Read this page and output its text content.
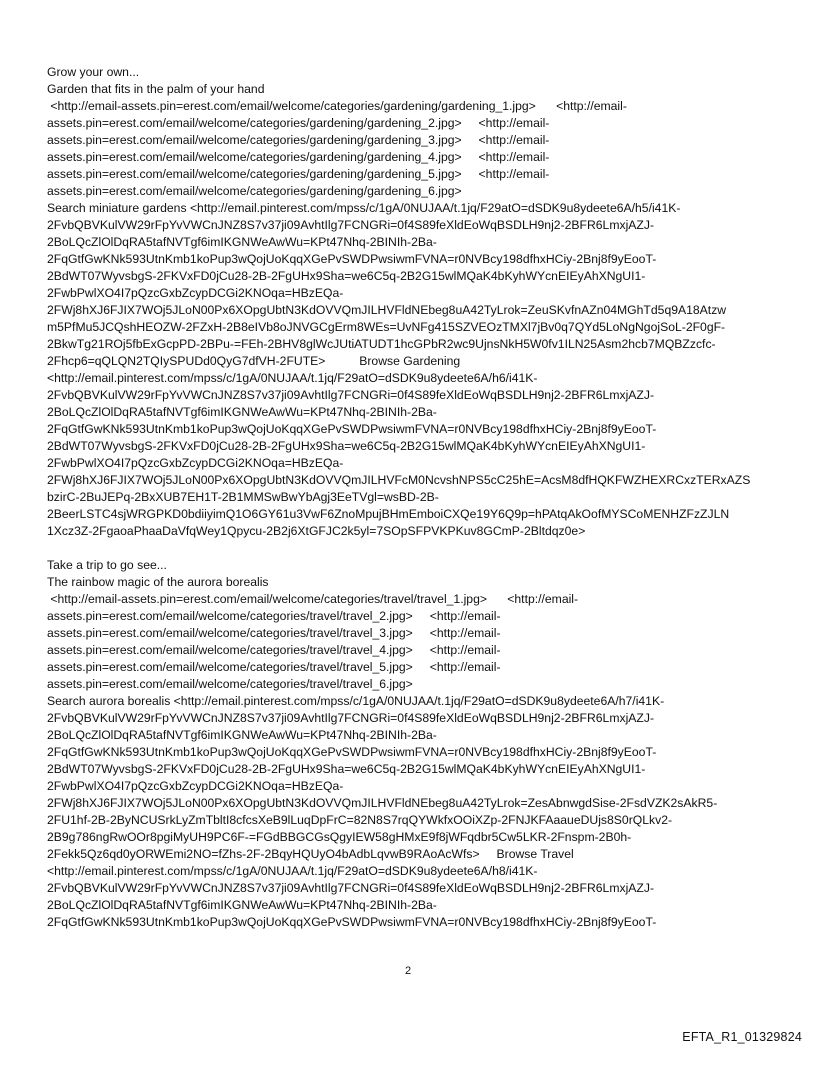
Grow your own...
Garden that fits in the palm of your hand
<http://email-assets.pin=erest.com/email/welcome/categories/gardening/gardening_1.jpg>      <http://email-
assets.pin=erest.com/email/welcome/categories/gardening/gardening_2.jpg>     <http://email-
assets.pin=erest.com/email/welcome/categories/gardening/gardening_3.jpg>     <http://email-
assets.pin=erest.com/email/welcome/categories/gardening/gardening_4.jpg>     <http://email-
assets.pin=erest.com/email/welcome/categories/gardening/gardening_5.jpg>     <http://email-
assets.pin=erest.com/email/welcome/categories/gardening/gardening_6.jpg>
Search miniature gardens <http://email.pinterest.com/mpss/c/1gA/0NUJAA/t.1jq/F29atO=dSDK9u8ydeete6A/h5/i41K-
2FvbQBVKulVW29rFpYvVWCnJNZ8S7v37ji09AvhtIlg7FCNGRi=0f4S89feXldEoWqBSDLH9nj2-2BFR6LmxjAZJ-
2BoLQcZlOlDqRA5tafNVTgf6imIKGNWeAwWu=KPt47Nhq-2BINIh-2Ba-
2FqGtfGwKNk593UtnKmb1koPup3wQojUoKqqXGePvSWDPwsiwmFVNA=r0NVBcy198dfhxHCiy-2Bnj8f9yEooT-
2BdWT07WyvsbgS-2FKVxFD0jCu28-2B-2FgUHx9Sha=we6C5q-2B2G15wlMQaK4bKyhWYcnEIEyAhXNgUI1-
2FwbPwlXO4I7pQzcGxbZcypDCGi2KNOqa=HBzEQa-
2FWj8hXJ6FJIX7WOj5JLoN00Px6XOpgUbtN3KdOVVQmJILHVFldNEbeg8uA42TyLrok=ZeuSKvfnAZn04MGhTd5q9A18Atzw
m5PfMu5JCQshHEOZW-2FZxH-2B8eIVb8oJNVGCgErm8WEs=UvNFg415SZVEOzTMXl7jBv0q7QYd5LoNgNgojSoL-2F0gF-
2BkwTg21ROj5fbExGcpPD-2BPu-=FEh-2BHV8glWcJUtiATUDT1hcGPbR2wc9UjnsNkH5W0fv1ILN25Asm2hcb7MQBZzcfc-
2Fhcp6=qQLQN2TQIySPUDd0QyG7dfVH-2FUTE>          Browse Gardening
<http://email.pinterest.com/mpss/c/1gA/0NUJAA/t.1jq/F29atO=dSDK9u8ydeete6A/h6/i41K-
2FvbQBVKulVW29rFpYvVWCnJNZ8S7v37ji09AvhtIlg7FCNGRi=0f4S89feXldEoWqBSDLH9nj2-2BFR6LmxjAZJ-
2BoLQcZlOlDqRA5tafNVTgf6imIKGNWeAwWu=KPt47Nhq-2BINIh-2Ba-
2FqGtfGwKNk593UtnKmb1koPup3wQojUoKqqXGePvSWDPwsiwmFVNA=r0NVBcy198dfhxHCiy-2Bnj8f9yEooT-
2BdWT07WyvsbgS-2FKVxFD0jCu28-2B-2FgUHx9Sha=we6C5q-2B2G15wlMQaK4bKyhWYcnEIEyAhXNgUI1-
2FwbPwlXO4I7pQzcGxbZcypDCGi2KNOqa=HBzEQa-
2FWj8hXJ6FJIX7WOj5JLoN00Px6XOpgUbtN3KdOVVQmJILHVFcM0NcvshNPS5cC25hE=AcsM8dfHQKFWZHEXRCxzTERxAZS
bzirC-2BuJEPq-2BxXUB7EH1T-2B1MMSwBwYbAgj3EeTVgl=wsBD-2B-
2BeerLSTC4sjWRGPKD0bdiiyimQ1O6GY61u3VwF6ZnoMpujBHmEmboiCXQe19Y6Q9p=hPAtqAkOofMYSCoMENHZFzZJLN
1Xcz3Z-2FgaoaPhaaDaVfqWey1Qpycu-2B2j6XtGFJC2k5yl=7SOpSFPVKPKuv8GCmP-2Bltdqz0e>
Take a trip to go see...
The rainbow magic of the aurora borealis
<http://email-assets.pin=erest.com/email/welcome/categories/travel/travel_1.jpg>      <http://email-
assets.pin=erest.com/email/welcome/categories/travel/travel_2.jpg>     <http://email-
assets.pin=erest.com/email/welcome/categories/travel/travel_3.jpg>     <http://email-
assets.pin=erest.com/email/welcome/categories/travel/travel_4.jpg>     <http://email-
assets.pin=erest.com/email/welcome/categories/travel/travel_5.jpg>     <http://email-
assets.pin=erest.com/email/welcome/categories/travel/travel_6.jpg>
Search aurora borealis <http://email.pinterest.com/mpss/c/1gA/0NUJAA/t.1jq/F29atO=dSDK9u8ydeete6A/h7/i41K-
2FvbQBVKulVW29rFpYvVWCnJNZ8S7v37ji09AvhtIlg7FCNGRi=0f4S89feXldEoWqBSDLH9nj2-2BFR6LmxjAZJ-
2BoLQcZlOlDqRA5tafNVTgf6imIKGNWeAwWu=KPt47Nhq-2BINIh-2Ba-
2FqGtfGwKNk593UtnKmb1koPup3wQojUoKqqXGePvSWDPwsiwmFVNA=r0NVBcy198dfhxHCiy-2Bnj8f9yEooT-
2BdWT07WyvsbgS-2FKVxFD0jCu28-2B-2FgUHx9Sha=we6C5q-2B2G15wlMQaK4bKyhWYcnEIEyAhXNgUI1-
2FwbPwlXO4I7pQzcGxbZcypDCGi2KNOqa=HBzEQa-
2FWj8hXJ6FJIX7WOj5JLoN00Px6XOpgUbtN3KdOVVQmJILHVFldNEbeg8uA42TyLrok=ZesAbnwgdSise-2FsdVZK2sAkR5-
2FU1hf-2B-2ByNCUSrkLyZmTbltI8cfcsXeB9lLuqDpFrC=82N8S7rqQYWkfxOOiXZp-2FNJKFAaaueDUjs8S0rQLkv2-
2B9g786ngRwOOr8pgiMyUH9PC6F-=FGdBBGCGsQgyIEW58gHMxE9f8jWFqdbr5Cw5LKR-2Fnspm-2B0h-
2Fekk5Qz6qd0yORWEmi2NO=fZhs-2F-2BqyHQUyO4bAdbLqvwB9RAoAcWfs>     Browse Travel
<http://email.pinterest.com/mpss/c/1gA/0NUJAA/t.1jq/F29atO=dSDK9u8ydeete6A/h8/i41K-
2FvbQBVKulVW29rFpYvVWCnJNZ8S7v37ji09AvhtIlg7FCNGRi=0f4S89feXldEoWqBSDLH9nj2-2BFR6LmxjAZJ-
2BoLQcZlOlDqRA5tafNVTgf6imIKGNWeAwWu=KPt47Nhq-2BINIh-2Ba-
2FqGtfGwKNk593UtnKmb1koPup3wQojUoKqqXGePvSWDPwsiwmFVNA=r0NVBcy198dfhxHCiy-2Bnj8f9yEooT-
2
EFTA_R1_01329824
